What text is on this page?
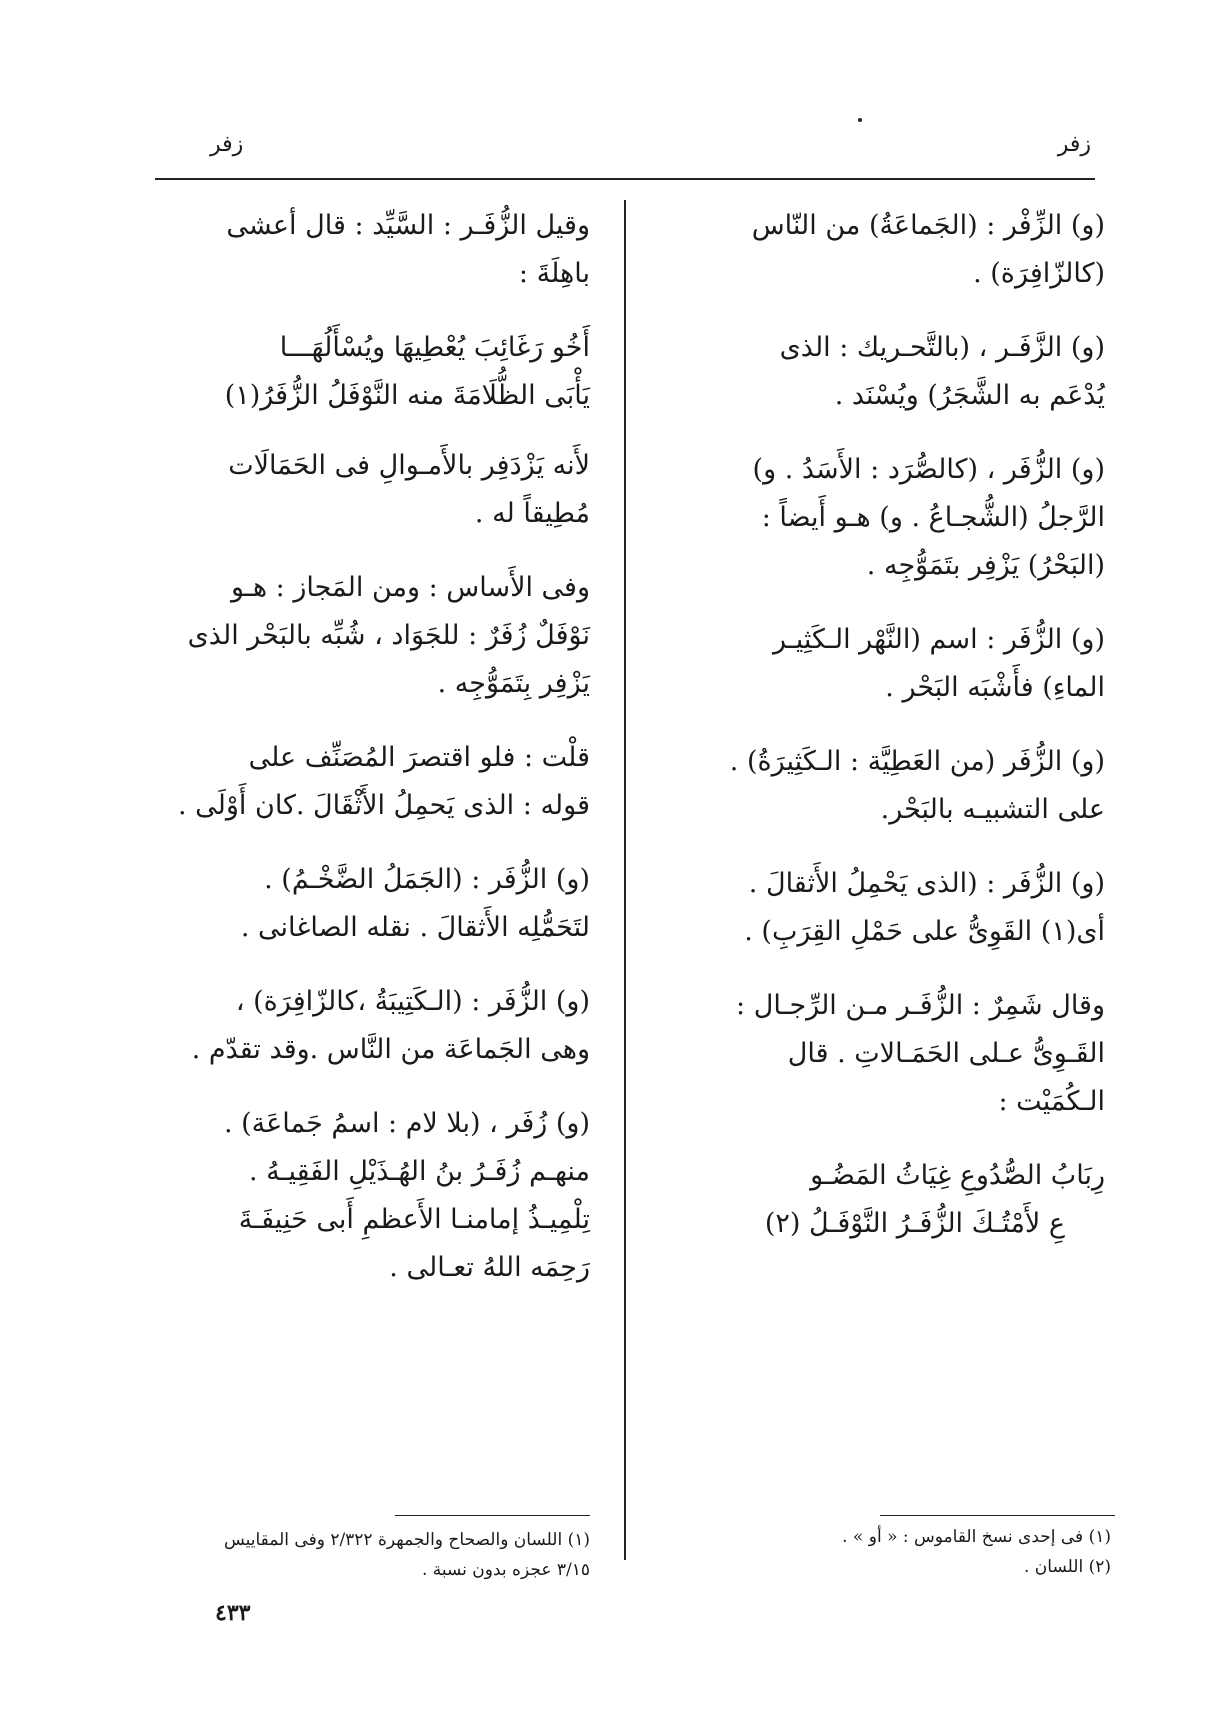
زفر
زفر
(و) الزِّفْر : (الجَماعَةُ) من النّاس
(كالزّافِرَة) .
(و) الزَّفَـر ، (بالتَّحـريك : الذى
يُدْعَم به الشَّجَرُ) ويُسْنَد .
(و) الزُّفَر ، (كالصُّرَد : الأَسَدُ . و)
الرَّجلُ (الشُّجـاعُ . و) هـو أَيضاً :
(البَحْرُ) يَزْفِر بتَمَوُّجِه .
(و) الزُّفَر : اسم (النَّهْر الـكَثِيـر
الماءِ) فأَشْبَه البَحْر .
(و) الزُّفَر (من العَطِيَّة : الـكَثِيرَةُ) .
على التشبيـه بالبَحْر.
(و) الزُّفَر : (الذى يَحْمِلُ الأَثقالَ .
أى(١) القَوِىُّ على حَمْلِ القِرَبِ) .
وقال شَمِرٌ : الزُّفَـر مـن الرِّجـال :
القَـوِىُّ عـلى الحَمَـالاتِ . قال
الـكُمَيْت :
رِبَابُ الصُّدُوعِ غِيَاثُ المَضُـو
عِ لأَمْتُـكَ الزُّفَـرُ النَّوْفَـلُ (٢)
وقيل الزُّفَـر : السَّيِّد : قال أعشى
باهِلَةَ :
أَخُو رَغَائِبَ يُعْطِيهَا ويُسْأَلُهَـــا
يَأْبَى الظُّلَامَةَ منه النَّوْفَلُ الزُّفَرُ(١)
لأَنه يَزْدَفِر بالأَمـوالِ فى الحَمَالَات
مُطِيقاً له .
وفى الأَساس : ومن المَجاز : هـو
نَوْفَلٌ زُفَرٌ : للجَوَاد ، شُبِّه بالبَحْر الذى
يَزْفِر بِتَمَوُّجِه .
قلْت : فلو اقتصرَ المُصَنِّف على
قوله : الذى يَحمِلُ الأَثْقَالَ .كان أَوْلَى .
(و) الزُّفَر : (الجَمَلُ الضَّخْـمُ) .
لتَحَمُّلِه الأَثقالَ . نقله الصاغانى .
(و) الزُّفَر : (الـكَتِيبَةُ ،كالزّافِرَة) ،
وهى الجَماعَة من النَّاس .وقد تقدّم .
(و) زُفَر ، (بلا لام : اسمُ جَماعَة) .
منهـم زُفَـرُ بنُ الهُـذَيْلِ الفَقِيـهُ .
تِلْمِيـذُ إمامنـا الأَعظمِ أَبى حَنِيفَـةَ
رَحِمَه اللهُ تعـالى .
(١) فى إحدى نسخ القاموس : « أو » .
(٢) اللسان .
(١) اللسان والصحاح والجمهرة ٢/٣٢٢ وفى المقاييس
٣/١٥ عجزه بدون نسبة .
٤٣٣
